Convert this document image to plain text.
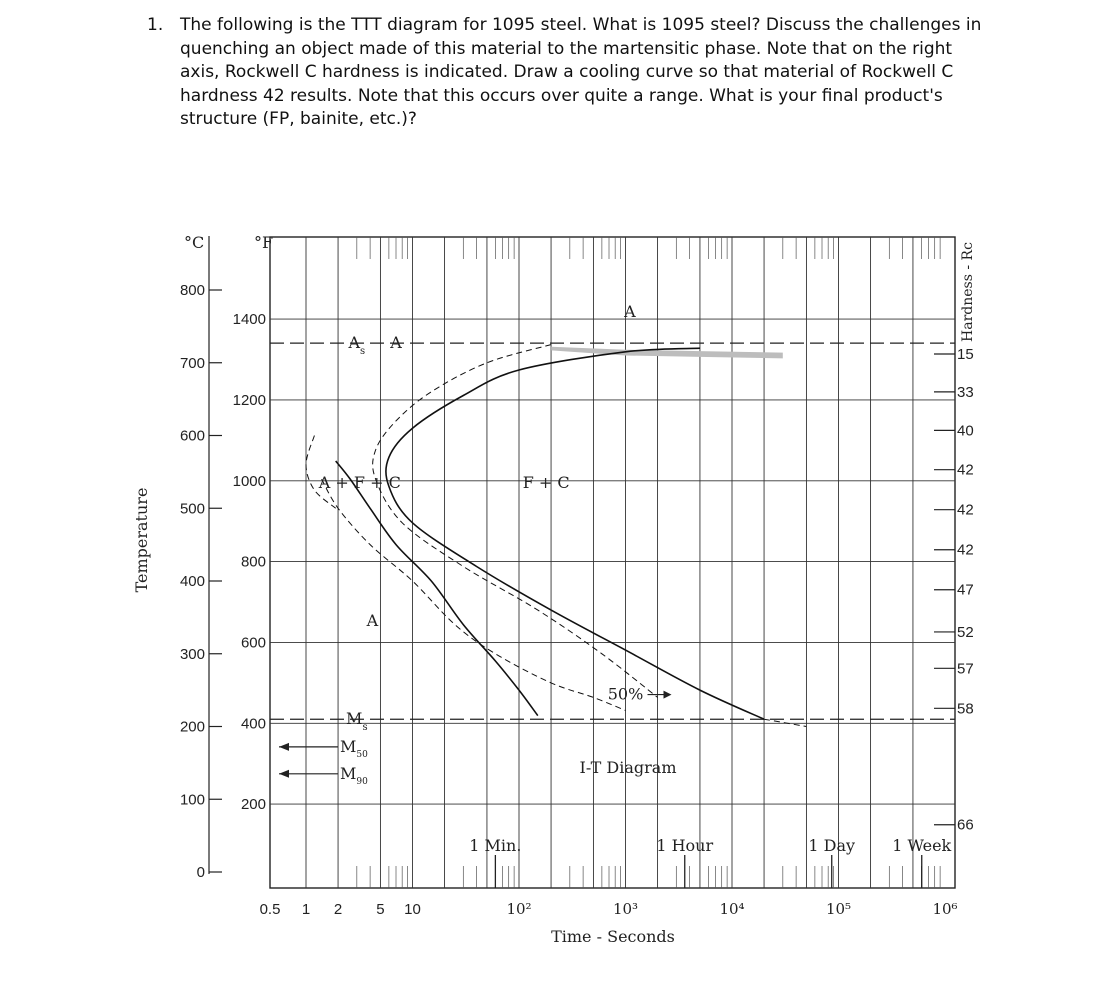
1. The following is the TTT diagram for 1095 steel. What is 1095 steel? Discuss the challenges in quenching an object made of this material to the martensitic phase. Note that on the right axis, Rockwell C hardness is indicated. Draw a cooling curve so that material of Rockwell C hardness 42 results. Note that this occurs over quite a range. What is your final product's structure (FP, bainite, etc.)?
0
100
200
300
400
500
600
700
800
200
400
600
800
1000
1200
1400
0.5 1 2 5 10	10²	10³	10⁴	10⁵	10⁶
1 Min.	1 Hour	1 Day 1 Week
15
33
40
42
42
42
47
52
57
58
66
$A_s$
$M_s$
$M_{50}$
$M_{90}$
A
A
A + F + C	F + C
A
50%
I-T Diagram
Time - Seconds
Temperature
Hardness - Rc
°C	°F
